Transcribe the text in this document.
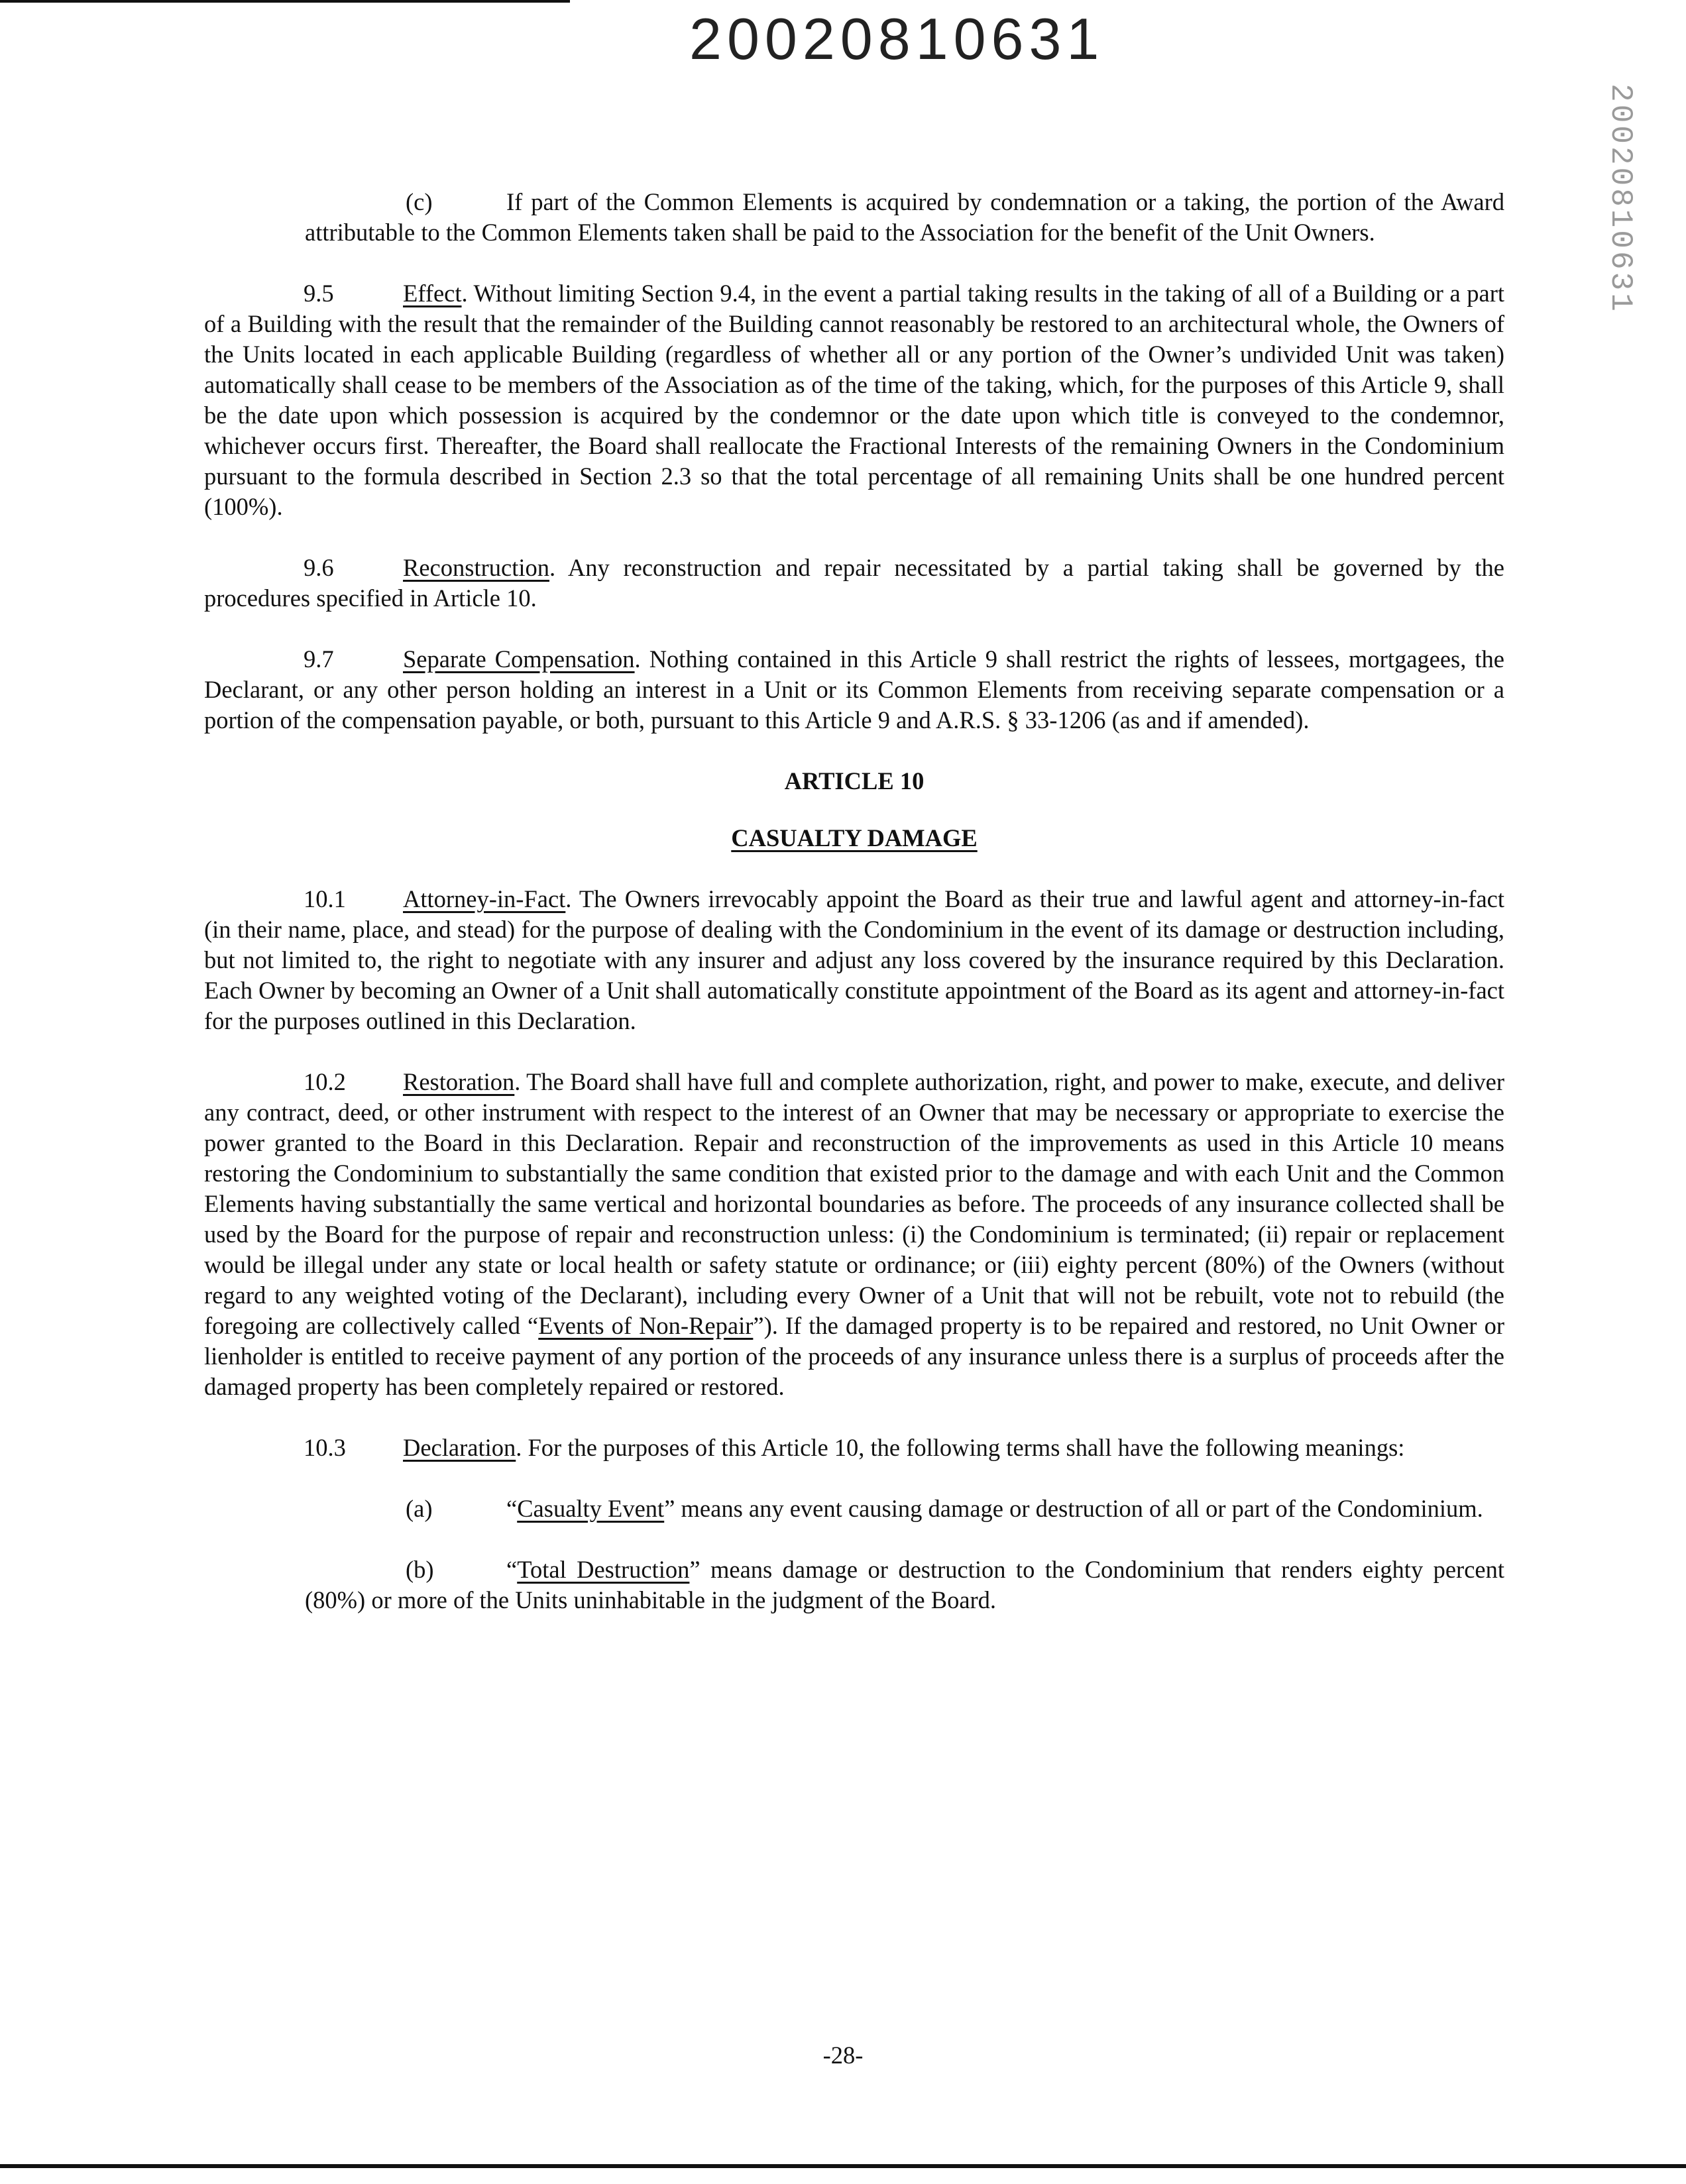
20020810631
20020810631

(c)	If part of the Common Elements is acquired by condemnation or a taking, the portion of the Award attributable to the Common Elements taken shall be paid to the Association for the benefit of the Unit Owners.

9.5	Effect. Without limiting Section 9.4, in the event a partial taking results in the taking of all of a Building or a part of a Building with the result that the remainder of the Building cannot reasonably be restored to an architectural whole, the Owners of the Units located in each applicable Building (regardless of whether all or any portion of the Owner’s undivided Unit was taken) automatically shall cease to be members of the Association as of the time of the taking, which, for the purposes of this Article 9, shall be the date upon which possession is acquired by the condemnor or the date upon which title is conveyed to the condemnor, whichever occurs first. Thereafter, the Board shall reallocate the Fractional Interests of the remaining Owners in the Condominium pursuant to the formula described in Section 2.3 so that the total percentage of all remaining Units shall be one hundred percent (100%).

9.6	Reconstruction. Any reconstruction and repair necessitated by a partial taking shall be governed by the procedures specified in Article 10.

9.7	Separate Compensation. Nothing contained in this Article 9 shall restrict the rights of lessees, mortgagees, the Declarant, or any other person holding an interest in a Unit or its Common Elements from receiving separate compensation or a portion of the compensation payable, or both, pursuant to this Article 9 and A.R.S. § 33-1206 (as and if amended).

ARTICLE 10

CASUALTY DAMAGE

10.1 Attorney-in-Fact. The Owners irrevocably appoint the Board as their true and lawful agent and attorney-in-fact (in their name, place, and stead) for the purpose of dealing with the Condominium in the event of its damage or destruction including, but not limited to, the right to negotiate with any insurer and adjust any loss covered by the insurance required by this Declaration. Each Owner by becoming an Owner of a Unit shall automatically constitute appointment of the Board as its agent and attorney-in-fact for the purposes outlined in this Declaration.

10.2 Restoration. The Board shall have full and complete authorization, right, and power to make, execute, and deliver any contract, deed, or other instrument with respect to the interest of an Owner that may be necessary or appropriate to exercise the power granted to the Board in this Declaration. Repair and reconstruction of the improvements as used in this Article 10 means restoring the Condominium to substantially the same condition that existed prior to the damage and with each Unit and the Common Elements having substantially the same vertical and horizontal boundaries as before. The proceeds of any insurance collected shall be used by the Board for the purpose of repair and reconstruction unless: (i) the Condominium is terminated; (ii) repair or replacement would be illegal under any state or local health or safety statute or ordinance; or (iii) eighty percent (80%) of the Owners (without regard to any weighted voting of the Declarant), including every Owner of a Unit that will not be rebuilt, vote not to rebuild (the foregoing are collectively called “Events of Non-Repair”). If the damaged property is to be repaired and restored, no Unit Owner or lienholder is entitled to receive payment of any portion of the proceeds of any insurance unless there is a surplus of proceeds after the damaged property has been completely repaired or restored.

10.3 Declaration. For the purposes of this Article 10, the following terms shall have the following meanings:

(a)	“Casualty Event” means any event causing damage or destruction of all or part of the Condominium.

(b)	“Total Destruction” means damage or destruction to the Condominium that renders eighty percent (80%) or more of the Units uninhabitable in the judgment of the Board.

-28-
